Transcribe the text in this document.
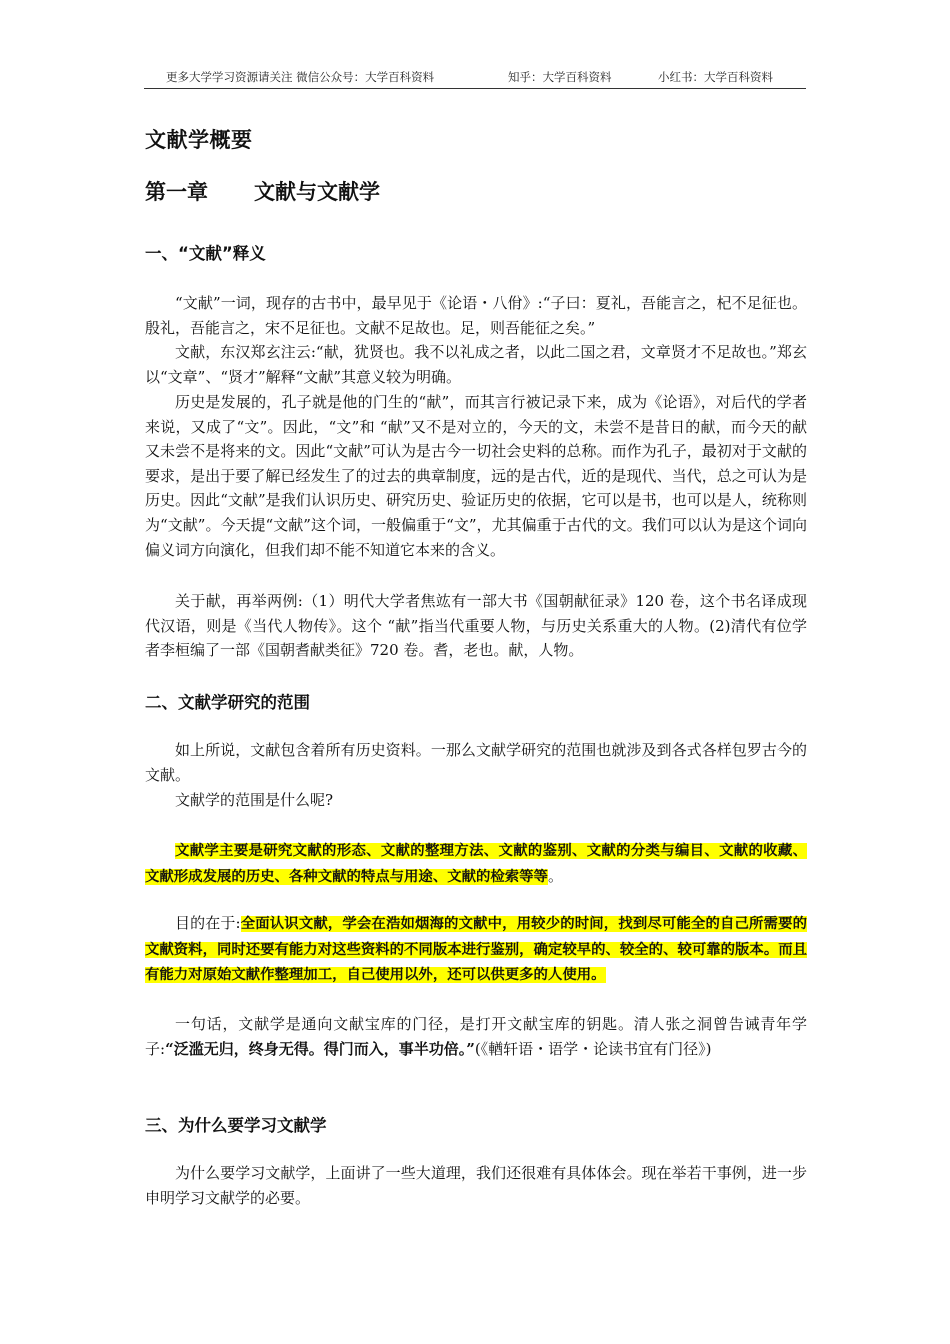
更多大学学习资源请关注 微信公众号：大学百科资料	知乎：大学百科资料	小红书：大学百科资料
文献学概要
第一章 文献与文献学
一、“文献”释义

“文献”一词，现存的古书中，最早见于《论语・八佾》:“子曰：夏礼，吾能言之，杞不足征也。殷礼，吾能言之，宋不足征也。文献不足故也。足，则吾能征之矣。”

文献，东汉郑玄注云:“献，犹贤也。我不以礼成之者，以此二国之君，文章贤才不足故也。”郑玄以“文章”、“贤才”解释“文献”其意义较为明确。

历史是发展的，孔子就是他的门生的“献”，而其言行被记录下来，成为《论语》，对后代的学者来说，又成了“文”。因此，“文”和 “献”又不是对立的，今天的文，未尝不是昔日的献，而今天的献又未尝不是将来的文。因此“文献”可认为是古今一切社会史料的总称。而作为孔子，最初对于文献的要求，是出于要了解已经发生了的过去的典章制度，远的是古代，近的是现代、当代，总之可认为是历史。因此“文献”是我们认识历史、研究历史、验证历史的依据，它可以是书，也可以是人，统称则为“文献”。今天提“文献”这个词，一般偏重于“文”，尤其偏重于古代的文。我们可以认为是这个词向偏义词方向演化，但我们却不能不知道它本来的含义。

关于献，再举两例:（1）明代大学者焦竑有一部大书《国朝献征录》120 卷，这个书名译成现代汉语，则是《当代人物传》。这个 “献”指当代重要人物，与历史关系重大的人物。(2)清代有位学者李桓编了一部《国朝耆献类征》720 卷。耆，老也。献，人物。

二、文献学研究的范围

如上所说，文献包含着所有历史资料。一那么文献学研究的范围也就涉及到各式各样包罗古今的文献。

文献学的范围是什么呢?

文献学主要是研究文献的形态、文献的整理方法、文献的鉴别、文献的分类与编目、文献的收藏、文献形成发展的历史、各种文献的特点与用途、文献的检索等等。

目的在于:全面认识文献，学会在浩如烟海的文献中，用较少的时间，找到尽可能全的自己所需要的文献资料，同时还要有能力对这些资料的不同版本进行鉴别，确定较早的、较全的、较可靠的版本。而且有能力对原始文献作整理加工，自己使用以外，还可以供更多的人使用。

一句话，文献学是通向文献宝库的门径，是打开文献宝库的钥匙。清人张之洞曾告诫青年学子:“泛滥无归，终身无得。得门而入，事半功倍。”(《輶轩语・语学・论读书宜有门径》)

三、为什么要学习文献学

为什么要学习文献学，上面讲了一些大道理，我们还很难有具体体会。现在举若干事例，进一步申明学习文献学的必要。
